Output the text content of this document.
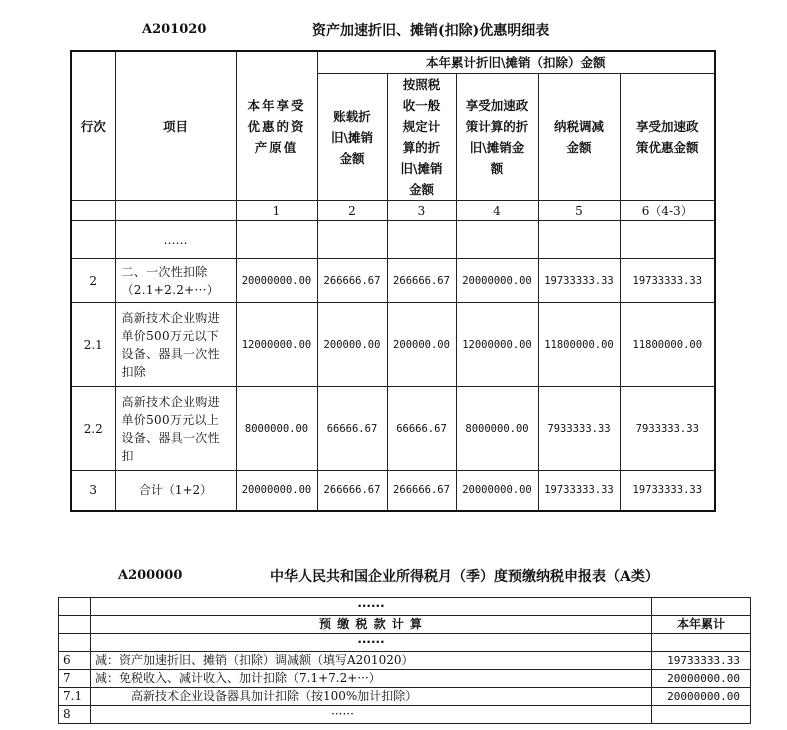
A201020	资产加速折旧、摊销(扣除)优惠明细表
行次	项目	本年享受优惠的资产原值	本年累计折旧\摊销（扣除）金额				
			账载折旧\摊销金额	按照税收一般规定计算的折旧\摊销金额	享受加速政策计算的折旧\摊销金额	纳税调减金额	享受加速政策优惠金额
		1	2	3	4	5	6（4-3）
	……						
2	二、一次性扣除（2.1+2.2+···）	20000000.00	266666.67	266666.67	20000000.00	19733333.33	19733333.33
2.1	高新技术企业购进单价500万元以下设备、器具一次性扣除	12000000.00	200000.00	200000.00	12000000.00	11800000.00	11800000.00
2.2	高新技术企业购进单价500万元以上设备、器具一次性扣	8000000.00	66666.67	66666.67	8000000.00	7933333.33	7933333.33
3	合计（1+2）	20000000.00	266666.67	266666.67	20000000.00	19733333.33	19733333.33
A200000	中华人民共和国企业所得税月（季）度预缴纳税申报表（A类）
	······	
	预 缴 税 款 计 算	本年累计
	······	
6	减：资产加速折旧、摊销（扣除）调减额（填写A201020）	19733333.33
7	减：免税收入、减计收入、加计扣除（7.1+7.2+···）	20000000.00
7.1	高新技术企业设备器具加计扣除（按100%加计扣除）	20000000.00
8	······	
